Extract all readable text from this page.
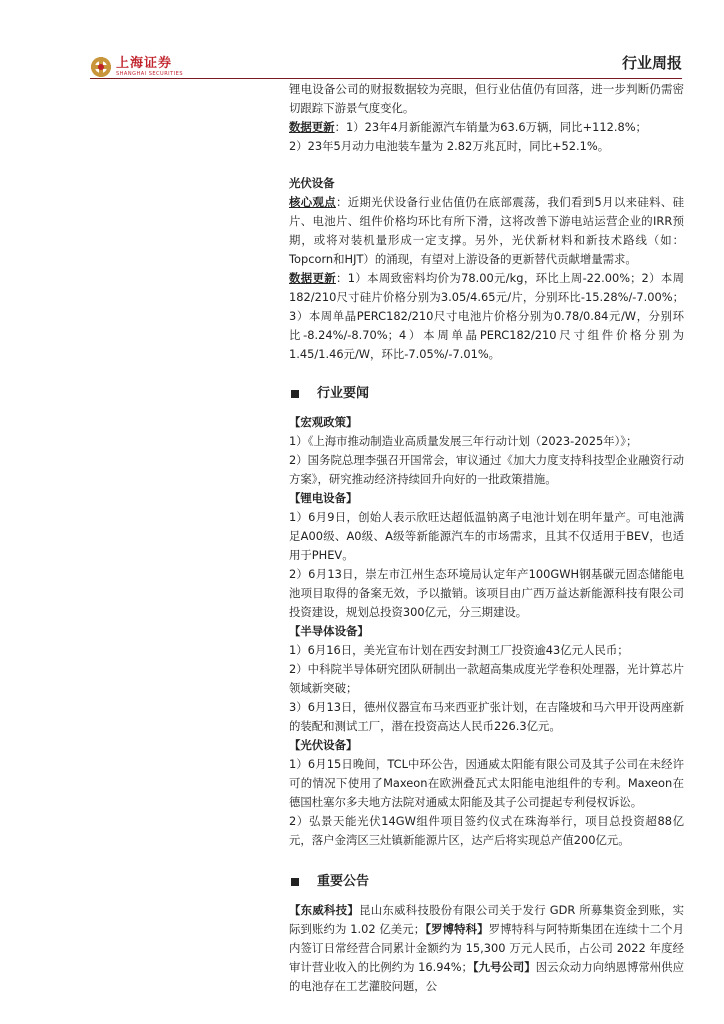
上海证券
SHANGHAI SECURITIES
行业周报

锂电设备公司的财报数据较为亮眼，但行业估值仍有回落，进一步判断仍需密切跟踪下游景气度变化。

数据更新：1）23年4月新能源汽车销量为63.6万辆，同比+112.8%；

2）23年5月动力电池装车量为 2.82万兆瓦时，同比+52.1%。

光伏设备

核心观点：近期光伏设备行业估值仍在底部震荡，我们看到5月以来硅料、硅片、电池片、组件价格均环比有所下滑，这将改善下游电站运营企业的IRR预期，或将对装机量形成一定支撑。另外，光伏新材料和新技术路线（如：Topcorn和HJT）的涌现，有望对上游设备的更新替代贡献增量需求。

数据更新：1）本周致密料均价为78.00元/kg，环比上周-22.00%；2）本周182/210尺寸硅片价格分别为3.05/4.65元/片，分别环比-15.28%/-7.00%；3）本周单晶PERC182/210尺寸电池片价格分别为0.78/0.84元/W，分别环比-8.24%/-8.70%；4）本周单晶PERC182/210尺寸组件价格分别为1.45/1.46元/W，环比-7.05%/-7.01%。

行业要闻

【宏观政策】

1）《上海市推动制造业高质量发展三年行动计划（2023-2025年）》；

2）国务院总理李强召开国常会，审议通过《加大力度支持科技型企业融资行动方案》，研究推动经济持续回升向好的一批政策措施。

【锂电设备】

1）6月9日，创始人表示欣旺达超低温钠离子电池计划在明年量产。可电池满足A00级、A0级、A级等新能源汽车的市场需求，且其不仅适用于BEV，也适用于PHEV。

2）6月13日，崇左市江州生态环境局认定年产100GWH钢基碳元固态储能电池项目取得的备案无效，予以撤销。该项目由广西万益达新能源科技有限公司投资建设，规划总投资300亿元，分三期建设。

【半导体设备】

1）6月16日，美光宣布计划在西安封测工厂投资逾43亿元人民币；

2）中科院半导体研究团队研制出一款超高集成度光学卷积处理器，光计算芯片领域新突破；

3）6月13日，德州仪器宣布马来西亚扩张计划，在吉隆坡和马六甲开设两座新的装配和测试工厂，潜在投资高达人民币226.3亿元。

【光伏设备】

1）6月15日晚间，TCL中环公告，因通威太阳能有限公司及其子公司在未经许可的情况下使用了Maxeon在欧洲叠瓦式太阳能电池组件的专利。Maxeon在德国杜塞尔多夫地方法院对通威太阳能及其子公司提起专利侵权诉讼。

2）弘景天能光伏14GW组件项目签约仪式在珠海举行，项目总投资超88亿元，落户金湾区三灶镇新能源片区，达产后将实现总产值200亿元。

重要公告

【东威科技】昆山东威科技股份有限公司关于发行 GDR 所募集资金到账，实际到账约为 1.02 亿美元；【罗博特科】罗博特科与阿特斯集团在连续十二个月内签订日常经营合同累计金额约为 15,300 万元人民币，占公司 2022 年度经审计营业收入的比例约为 16.94%；【九号公司】因云众动力向纳恩博常州供应的电池存在工艺灌胶问题，公
